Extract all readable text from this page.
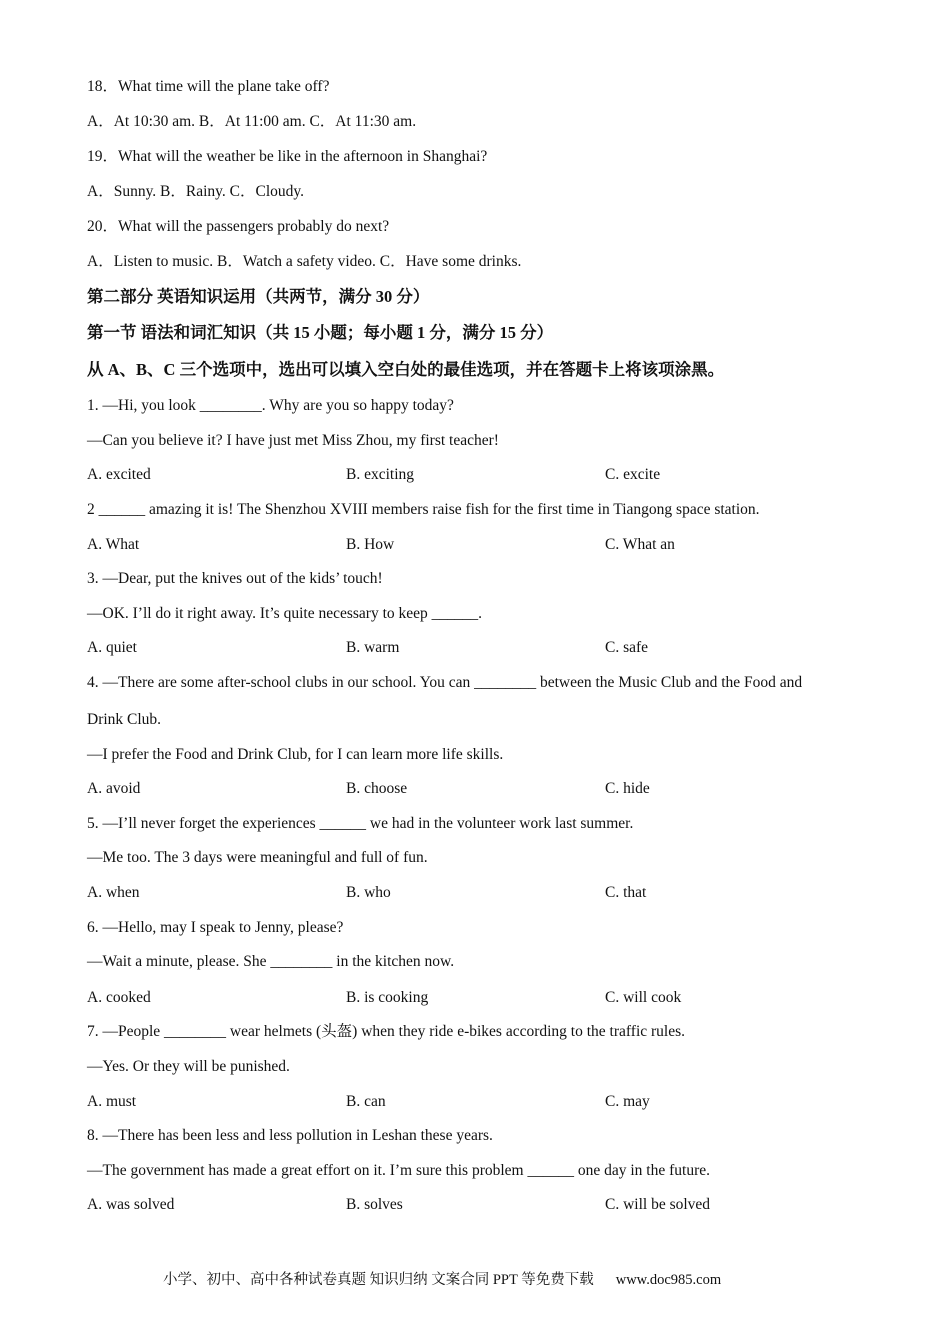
18．What time will the plane take off?
A．At 10:30 am. B．At 11:00 am. C．At 11:30 am.
19．What will the weather be like in the afternoon in Shanghai?
A．Sunny. B．Rainy. C．Cloudy.
20．What will the passengers probably do next?
A．Listen to music. B．Watch a safety video. C．Have some drinks.
第二部分 英语知识运用（共两节，满分 30 分）
第一节 语法和词汇知识（共 15 小题；每小题 1 分，满分 15 分）
从 A、B、C 三个选项中，选出可以填入空白处的最佳选项，并在答题卡上将该项涂黑。
1. —Hi, you look ________. Why are you so happy today?
—Can you believe it? I have just met Miss Zhou, my first teacher!
A. excited	B. exciting	C. excite
2 ______ amazing it is! The Shenzhou XVIII members raise fish for the first time in Tiangong space station.
A. What	B. How	C. What an
3. —Dear, put the knives out of the kids’ touch!
—OK. I’ll do it right away. It’s quite necessary to keep ______.
A. quiet	B. warm	C. safe
4. —There are some after-school clubs in our school. You can ________ between the Music Club and the Food and
Drink Club.
—I prefer the Food and Drink Club, for I can learn more life skills.
A. avoid	B. choose	C. hide
5. —I’ll never forget the experiences ______ we had in the volunteer work last summer.
—Me too. The 3 days were meaningful and full of fun.
A. when	B. who	C. that
6. —Hello, may I speak to Jenny, please?
—Wait a minute, please. She ________ in the kitchen now.
A. cooked	B. is cooking	C. will cook
7. —People ________ wear helmets (头盔) when they ride e-bikes according to the traffic rules.
—Yes. Or they will be punished.
A. must	B. can	C. may
8. —There has been less and less pollution in Leshan these years.
—The government has made a great effort on it. I’m sure this problem ______ one day in the future.
A. was solved	B. solves	C. will be solved
小学、初中、高中各种试卷真题 知识归纳 文案合同 PPT 等免费下载 www.doc985.com
